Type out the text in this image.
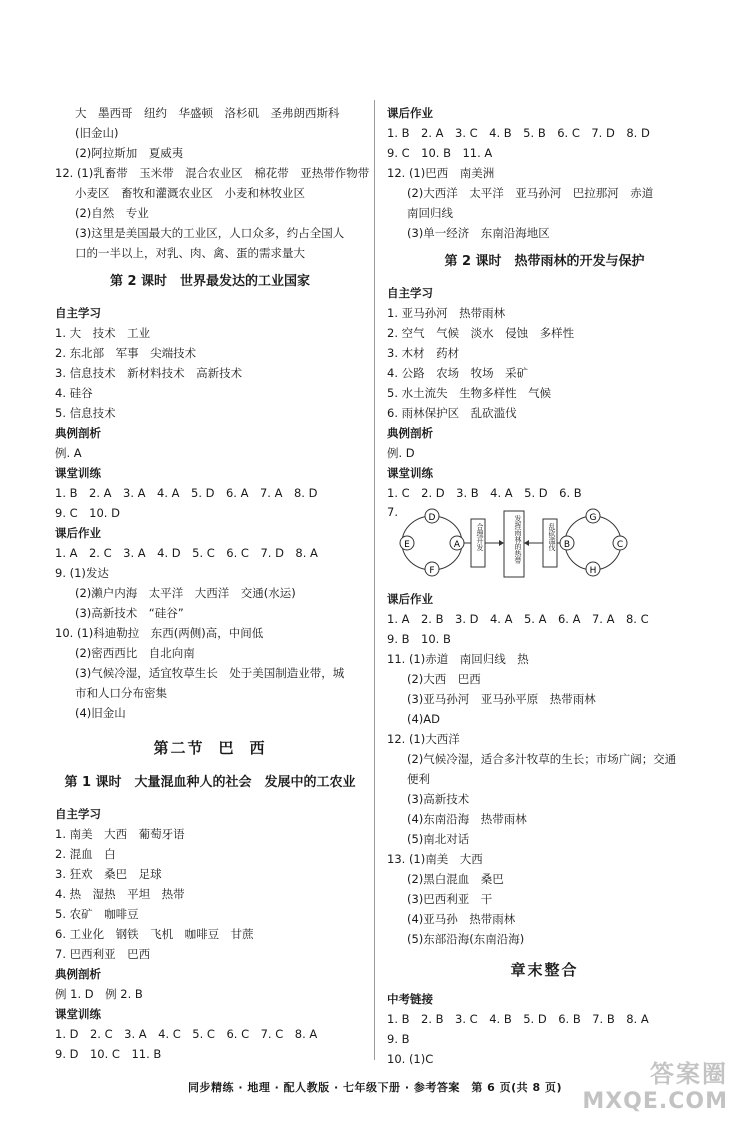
大　墨西哥　纽约　华盛顿　洛杉矶　圣弗朗西斯科
(旧金山)
(2)阿拉斯加　夏威夷
12. (1)乳畜带　玉米带　混合农业区　棉花带　亚热带作物带
小麦区　畜牧和灌溉农业区　小麦和林牧业区
(2)自然　专业
(3)这里是美国最大的工业区，人口众多，约占全国人
口的一半以上，对乳、肉、禽、蛋的需求量大
第 2 课时　世界最发达的工业国家
自主学习
1. 大　技术　工业
2. 东北部　军事　尖端技术
3. 信息技术　新材料技术　高新技术
4. 硅谷
5. 信息技术
典例剖析
例. A
课堂训练
1. B　2. A　3. A　4. A　5. D　6. A　7. A　8. D
9. C　10. D
课后作业
1. A　2. C　3. A　4. D　5. C　6. C　7. D　8. A
9. (1)发达
(2)濑户内海　太平洋　大西洋　交通(水运)
(3)高新技术　“硅谷”
10. (1)科迪勒拉　东西(两侧)高，中间低
(2)密西西比　自北向南
(3)气候冷湿，适宜牧草生长　处于美国制造业带，城
市和人口分布密集
(4)旧金山
第二节 巴 西
第 1 课时　大量混血种人的社会　发展中的工农业
自主学习
1. 南美　大西　葡萄牙语
2. 混血　白
3. 狂欢　桑巴　足球
4. 热　湿热　平坦　热带
5. 农矿　咖啡豆
6. 工业化　钢铁　飞机　咖啡豆　甘蔗
7. 巴西利亚　巴西
典例剖析
例 1. D　例 2. B
课堂训练
1. D　2. C　3. A　4. C　5. C　6. C　7. C　8. A
9. D　10. C　11. B
课后作业
1. B　2. A　3. C　4. B　5. B　6. C　7. D　8. D
9. C　10. B　11. A
12. (1)巴西　南美洲
(2)大西洋　太平洋　亚马孙河　巴拉那河　赤道
南回归线
(3)单一经济　东南沿海地区
第 2 课时　热带雨林的开发与保护
自主学习
1. 亚马孙河　热带雨林
2. 空气　气候　淡水　侵蚀　多样性
3. 木材　药材
4. 公路　农场　牧场　采矿
5. 水土流失　生物多样性　气候
6. 雨林保护区　乱砍滥伐
典例剖析
例. D
课堂训练
1. C　2. D　3. B　4. A　5. D　6. B
7.	D
E	A
F
G
C
B
H
合理开发	发挥雨林的热带	乱砍滥伐
课后作业
1. A　2. B　3. D　4. A　5. A　6. A　7. A　8. C
9. B　10. B
11. (1)赤道　南回归线　热
(2)大西　巴西
(3)亚马孙河　亚马孙平原　热带雨林
(4)AD
12. (1)大西洋
(2)气候冷湿，适合多汁牧草的生长；市场广阔；交通
便利
(3)高新技术
(4)东南沿海　热带雨林
(5)南北对话
13. (1)南美　大西
(2)黑白混血　桑巴
(3)巴西利亚　干
(4)亚马孙　热带雨林
(5)东部沿海(东南沿海)
章末整合
中考链接
1. B　2. B　3. C　4. B　5. D　6. B　7. B　8. A
9. B
10. (1)C
同步精练 · 地理 · 配人教版 · 七年级下册 · 参考答案　第 6 页(共 8 页)	答案圈
MXQE.COM
